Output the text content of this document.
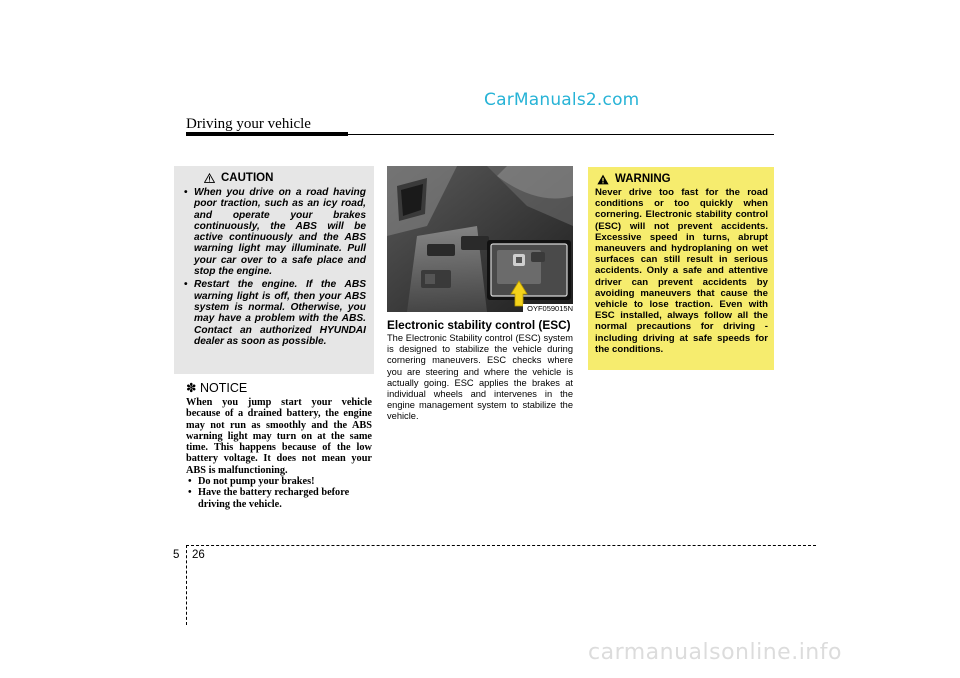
CarManuals2.com
Driving your vehicle
CAUTION
• When you drive on a road having poor traction, such as an icy road, and operate your brakes continuously, the ABS will be active continuously and the ABS warning light may illuminate. Pull your car over to a safe place and stop the engine.
• Restart the engine. If the ABS warning light is off, then your ABS system is normal. Otherwise, you may have a problem with the ABS. Contact an authorized HYUNDAI dealer as soon as possible.
✽ NOTICE

When you jump start your vehicle because of a drained battery, the engine may not run as smoothly and the ABS warning light may turn on at the same time. This happens because of the low battery voltage. It does not mean your ABS is malfunctioning.

• Do not pump your brakes!
• Have the battery recharged before driving the vehicle.
OYF059015N
Electronic stability control (ESC)

The Electronic Stability control (ESC) system is designed to stabilize the vehicle during cornering maneuvers. ESC checks where you are steering and where the vehicle is actually going. ESC applies the brakes at individual wheels and intervenes in the engine management system to stabilize the vehicle.

WARNING

Never drive too fast for the road conditions or too quickly when cornering. Electronic stability control (ESC) will not prevent accidents. Excessive speed in turns, abrupt maneuvers and hydroplaning on wet surfaces can still result in serious accidents. Only a safe and attentive driver can prevent accidents by avoiding maneuvers that cause the vehicle to lose traction. Even with ESC installed, always follow all the normal precautions for driving - including driving at safe speeds for the conditions.

5 26
carmanualsonline.info
